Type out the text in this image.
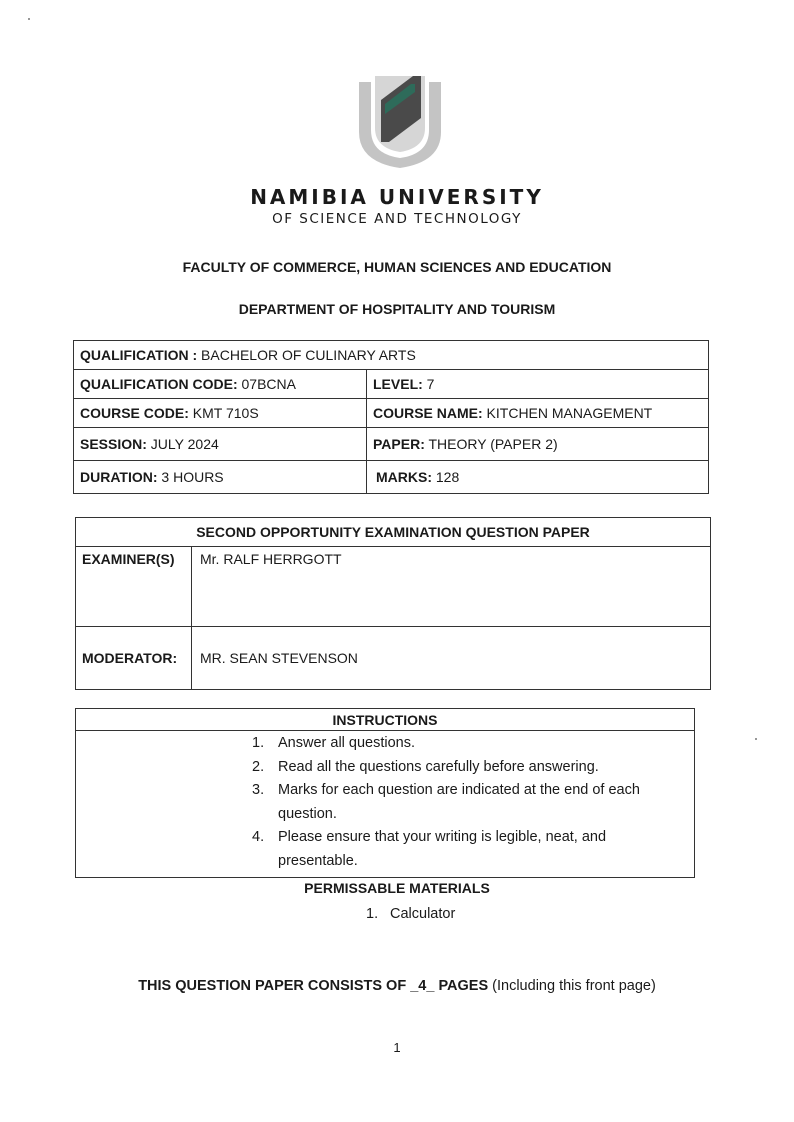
NAMIBIA UNIVERSITY
OF SCIENCE AND TECHNOLOGY
FACULTY OF COMMERCE, HUMAN SCIENCES AND EDUCATION
DEPARTMENT OF HOSPITALITY AND TOURISM
QUALIFICATION : BACHELOR OF CULINARY ARTS	
QUALIFICATION CODE: 07BCNA	LEVEL: 7
COURSE CODE: KMT 710S	COURSE NAME: KITCHEN MANAGEMENT
SESSION: JULY 2024	PAPER: THEORY (PAPER 2)
DURATION: 3 HOURS	MARKS: 128
SECOND OPPORTUNITY EXAMINATION QUESTION PAPER	
EXAMINER(S)	Mr. RALF HERRGOTT
MODERATOR:	MR. SEAN STEVENSON
INSTRUCTIONS

1. Answer all questions.
2. Read all the questions carefully before answering.
3. Marks for each question are indicated at the end of each question.
4. Please ensure that your writing is legible, neat, and presentable.
PERMISSABLE MATERIALS
1. Calculator
THIS QUESTION PAPER CONSISTS OF _4_ PAGES (Including this front page)
1
